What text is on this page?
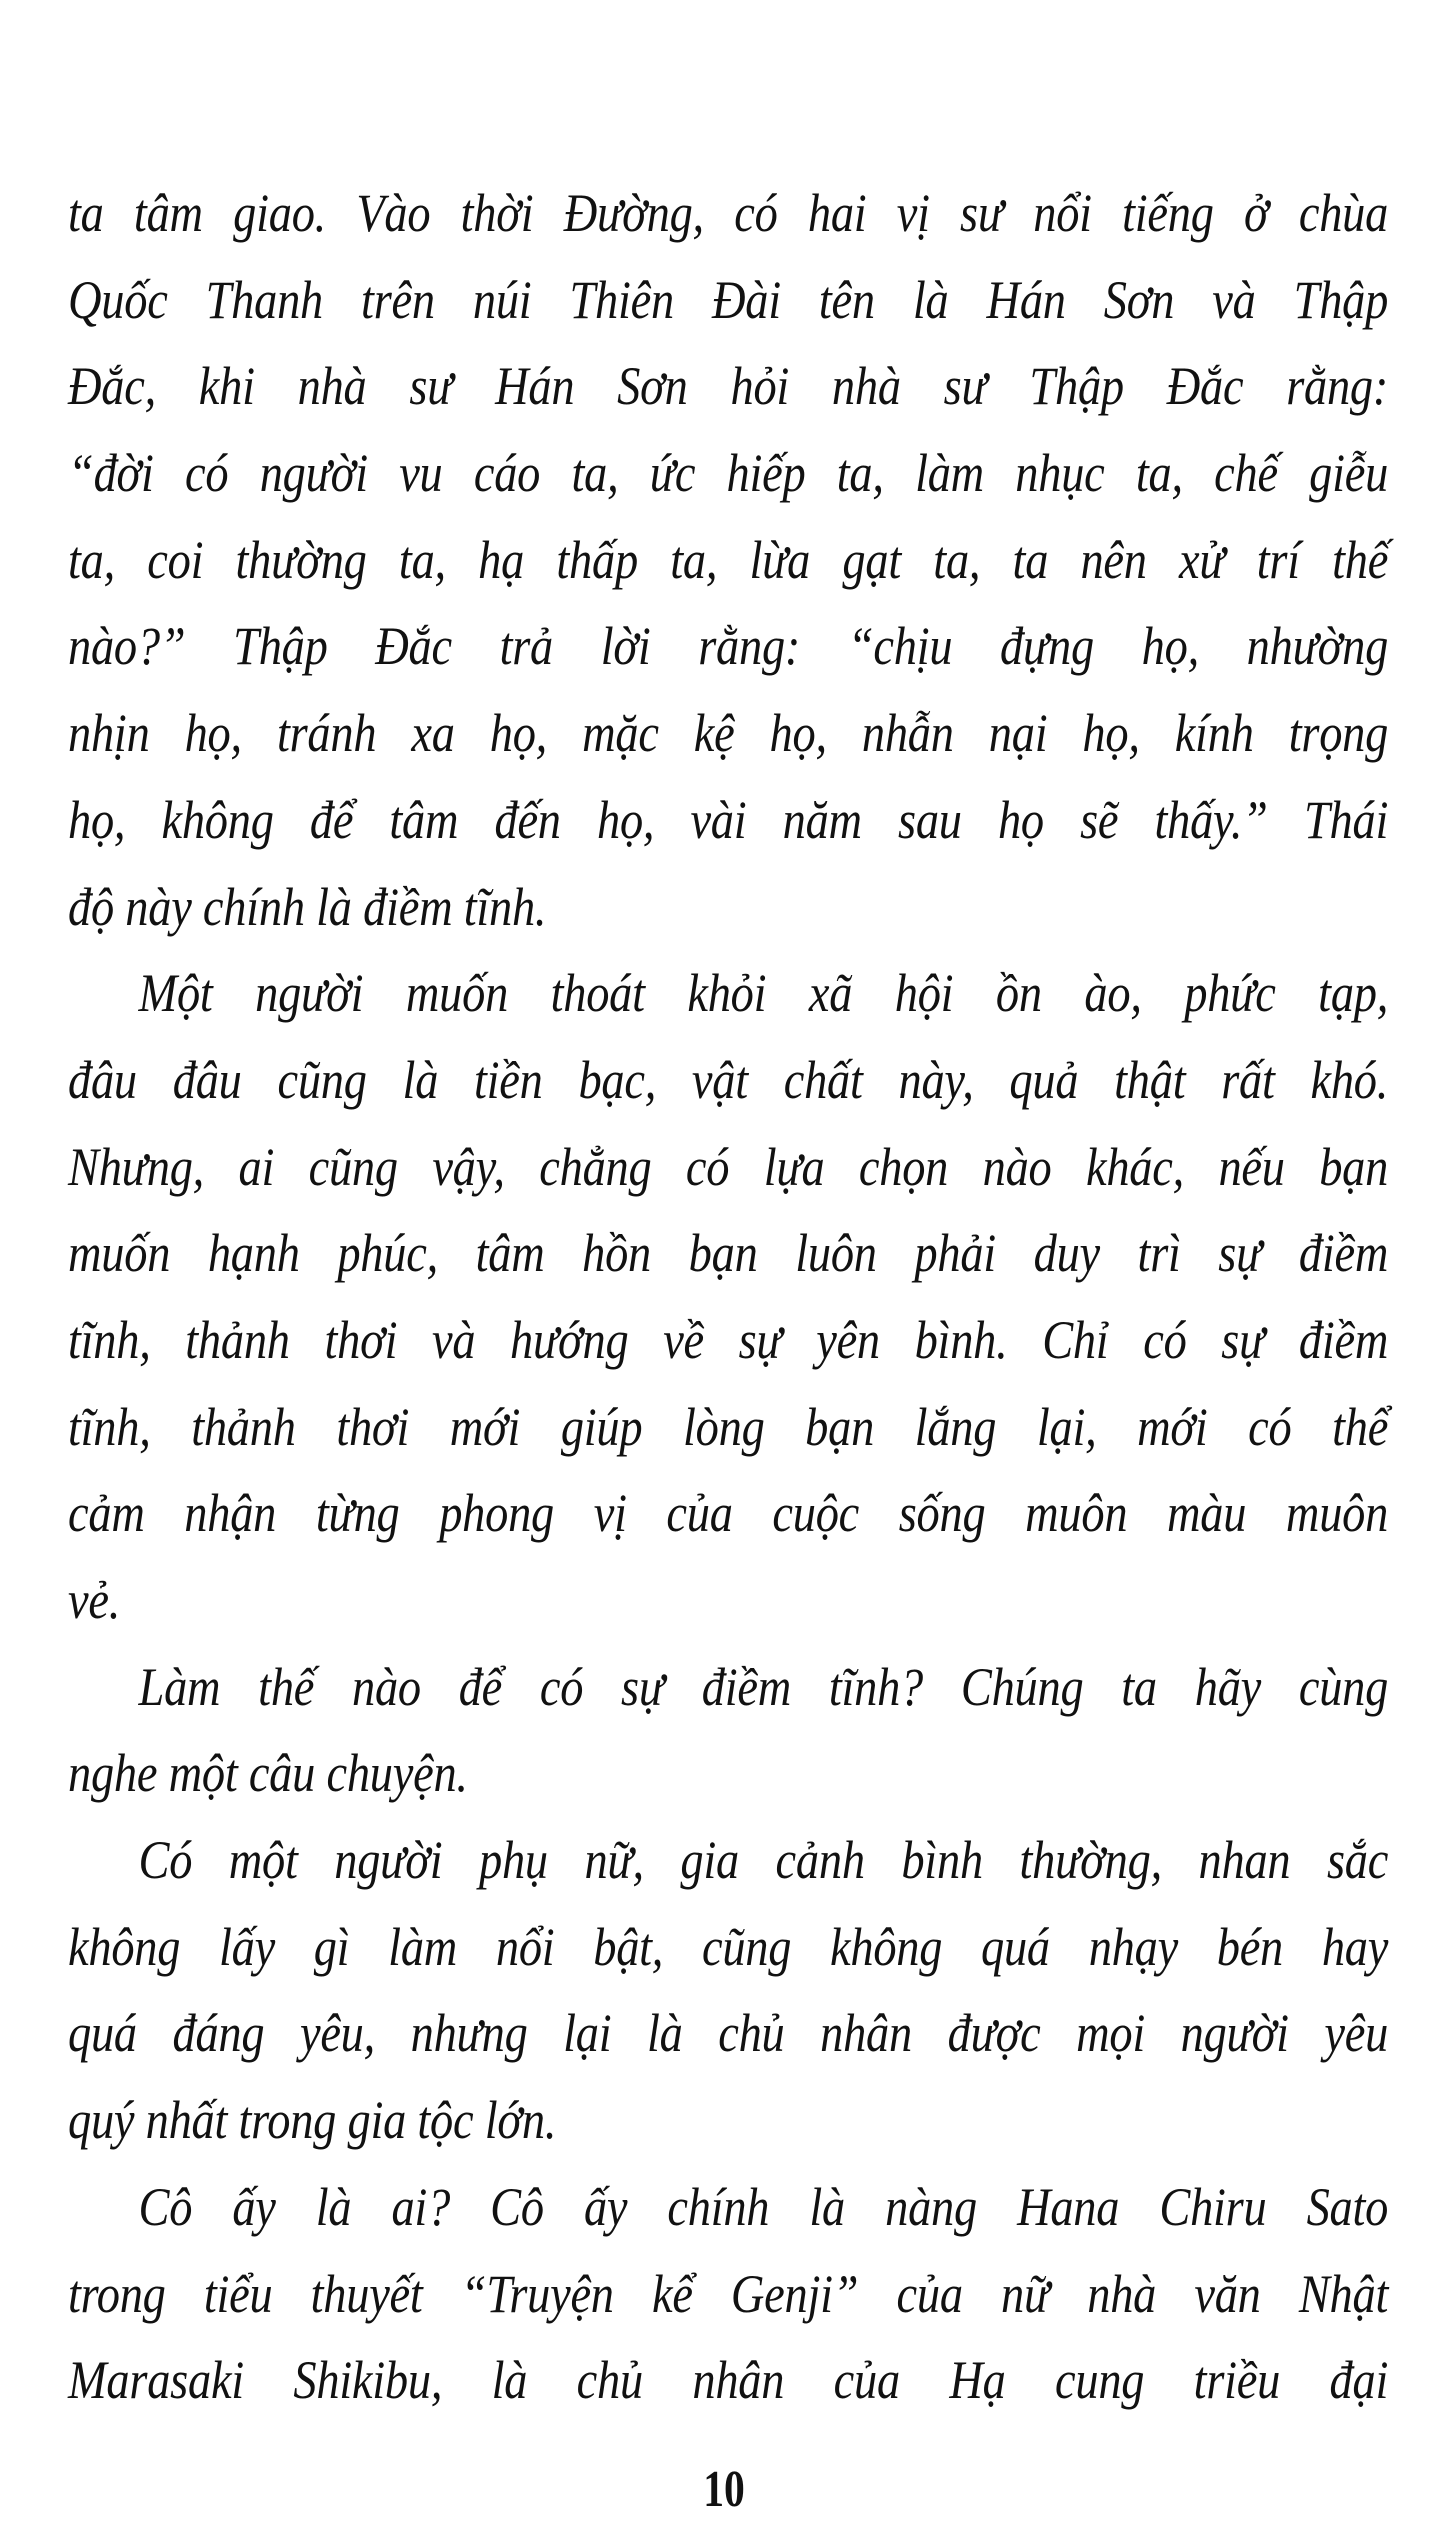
ta tâm giao. Vào thời Đường, có hai vị sư nổi tiếng ở chùa
Quốc Thanh trên núi Thiên Đài tên là Hán Sơn và Thập
Đắc, khi nhà sư Hán Sơn hỏi nhà sư Thập Đắc rằng:
“đời có người vu cáo ta, ức hiếp ta, làm nhục ta, chế giễu
ta, coi thường ta, hạ thấp ta, lừa gạt ta, ta nên xử trí thế
nào?” Thập Đắc trả lời rằng: “chịu đựng họ, nhường
nhịn họ, tránh xa họ, mặc kệ họ, nhẫn nại họ, kính trọng
họ, không để tâm đến họ, vài năm sau họ sẽ thấy.” Thái
độ này chính là điềm tĩnh.
Một người muốn thoát khỏi xã hội ồn ào, phức tạp,
đâu đâu cũng là tiền bạc, vật chất này, quả thật rất khó.
Nhưng, ai cũng vậy, chẳng có lựa chọn nào khác, nếu bạn
muốn hạnh phúc, tâm hồn bạn luôn phải duy trì sự điềm
tĩnh, thảnh thơi và hướng về sự yên bình. Chỉ có sự điềm
tĩnh, thảnh thơi mới giúp lòng bạn lắng lại, mới có thể
cảm nhận từng phong vị của cuộc sống muôn màu muôn
vẻ.
Làm thế nào để có sự điềm tĩnh? Chúng ta hãy cùng
nghe một câu chuyện.
Có một người phụ nữ, gia cảnh bình thường, nhan sắc
không lấy gì làm nổi bật, cũng không quá nhạy bén hay
quá đáng yêu, nhưng lại là chủ nhân được mọi người yêu
quý nhất trong gia tộc lớn.
Cô ấy là ai? Cô ấy chính là nàng Hana Chiru Sato
trong tiểu thuyết “Truyện kể Genji” của nữ nhà văn Nhật
Marasaki Shikibu, là chủ nhân của Hạ cung triều đại
10
